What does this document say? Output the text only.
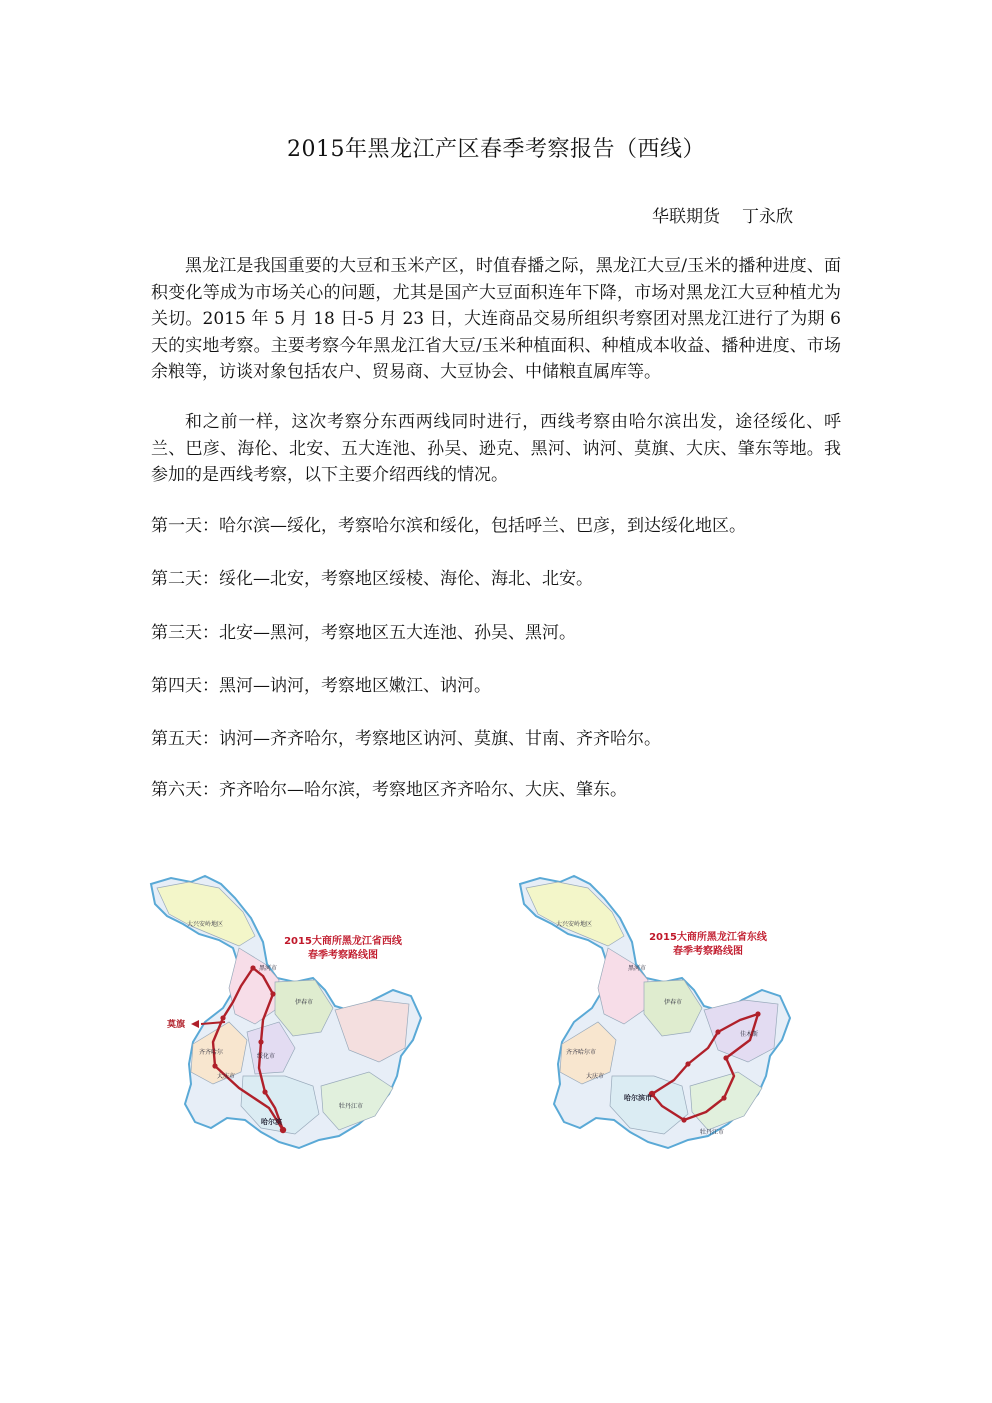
2015年黑龙江产区春季考察报告（西线）
华联期货 丁永欣

黑龙江是我国重要的大豆和玉米产区，时值春播之际，黑龙江大豆/玉米的播种进度、面积变化等成为市场关心的问题，尤其是国产大豆面积连年下降，市场对黑龙江大豆种植尤为关切。2015 年 5 月 18 日-5 月 23 日，大连商品交易所组织考察团对黑龙江进行了为期 6 天的实地考察。主要考察今年黑龙江省大豆/玉米种植面积、种植成本收益、播种进度、市场余粮等，访谈对象包括农户、贸易商、大豆协会、中储粮直属库等。

和之前一样，这次考察分东西两线同时进行，西线考察由哈尔滨出发，途径绥化、呼兰、巴彦、海伦、北安、五大连池、孙吴、逊克、黑河、讷河、莫旗、大庆、肇东等地。我参加的是西线考察，以下主要介绍西线的情况。

第一天：哈尔滨—绥化，考察哈尔滨和绥化，包括呼兰、巴彦，到达绥化地区。

第二天：绥化—北安，考察地区绥棱、海伦、海北、北安。

第三天：北安—黑河，考察地区五大连池、孙吴、黑河。

第四天：黑河—讷河，考察地区嫩江、讷河。

第五天：讷河—齐齐哈尔，考察地区讷河、莫旗、甘南、齐齐哈尔。

第六天：齐齐哈尔—哈尔滨，考察地区齐齐哈尔、大庆、肇东。

2015大商所黑龙江省西线
春季考察路线图
大兴安岭地区
黑河市
莫旗
伊春市
齐齐哈尔
绥化市
大庆市
哈尔滨
牡丹江市
2015大商所黑龙江省东线
春季考察路线图
大兴安岭地区
黑河市
伊春市
齐齐哈尔市
大庆市
哈尔滨市
佳木斯
牡丹江市
